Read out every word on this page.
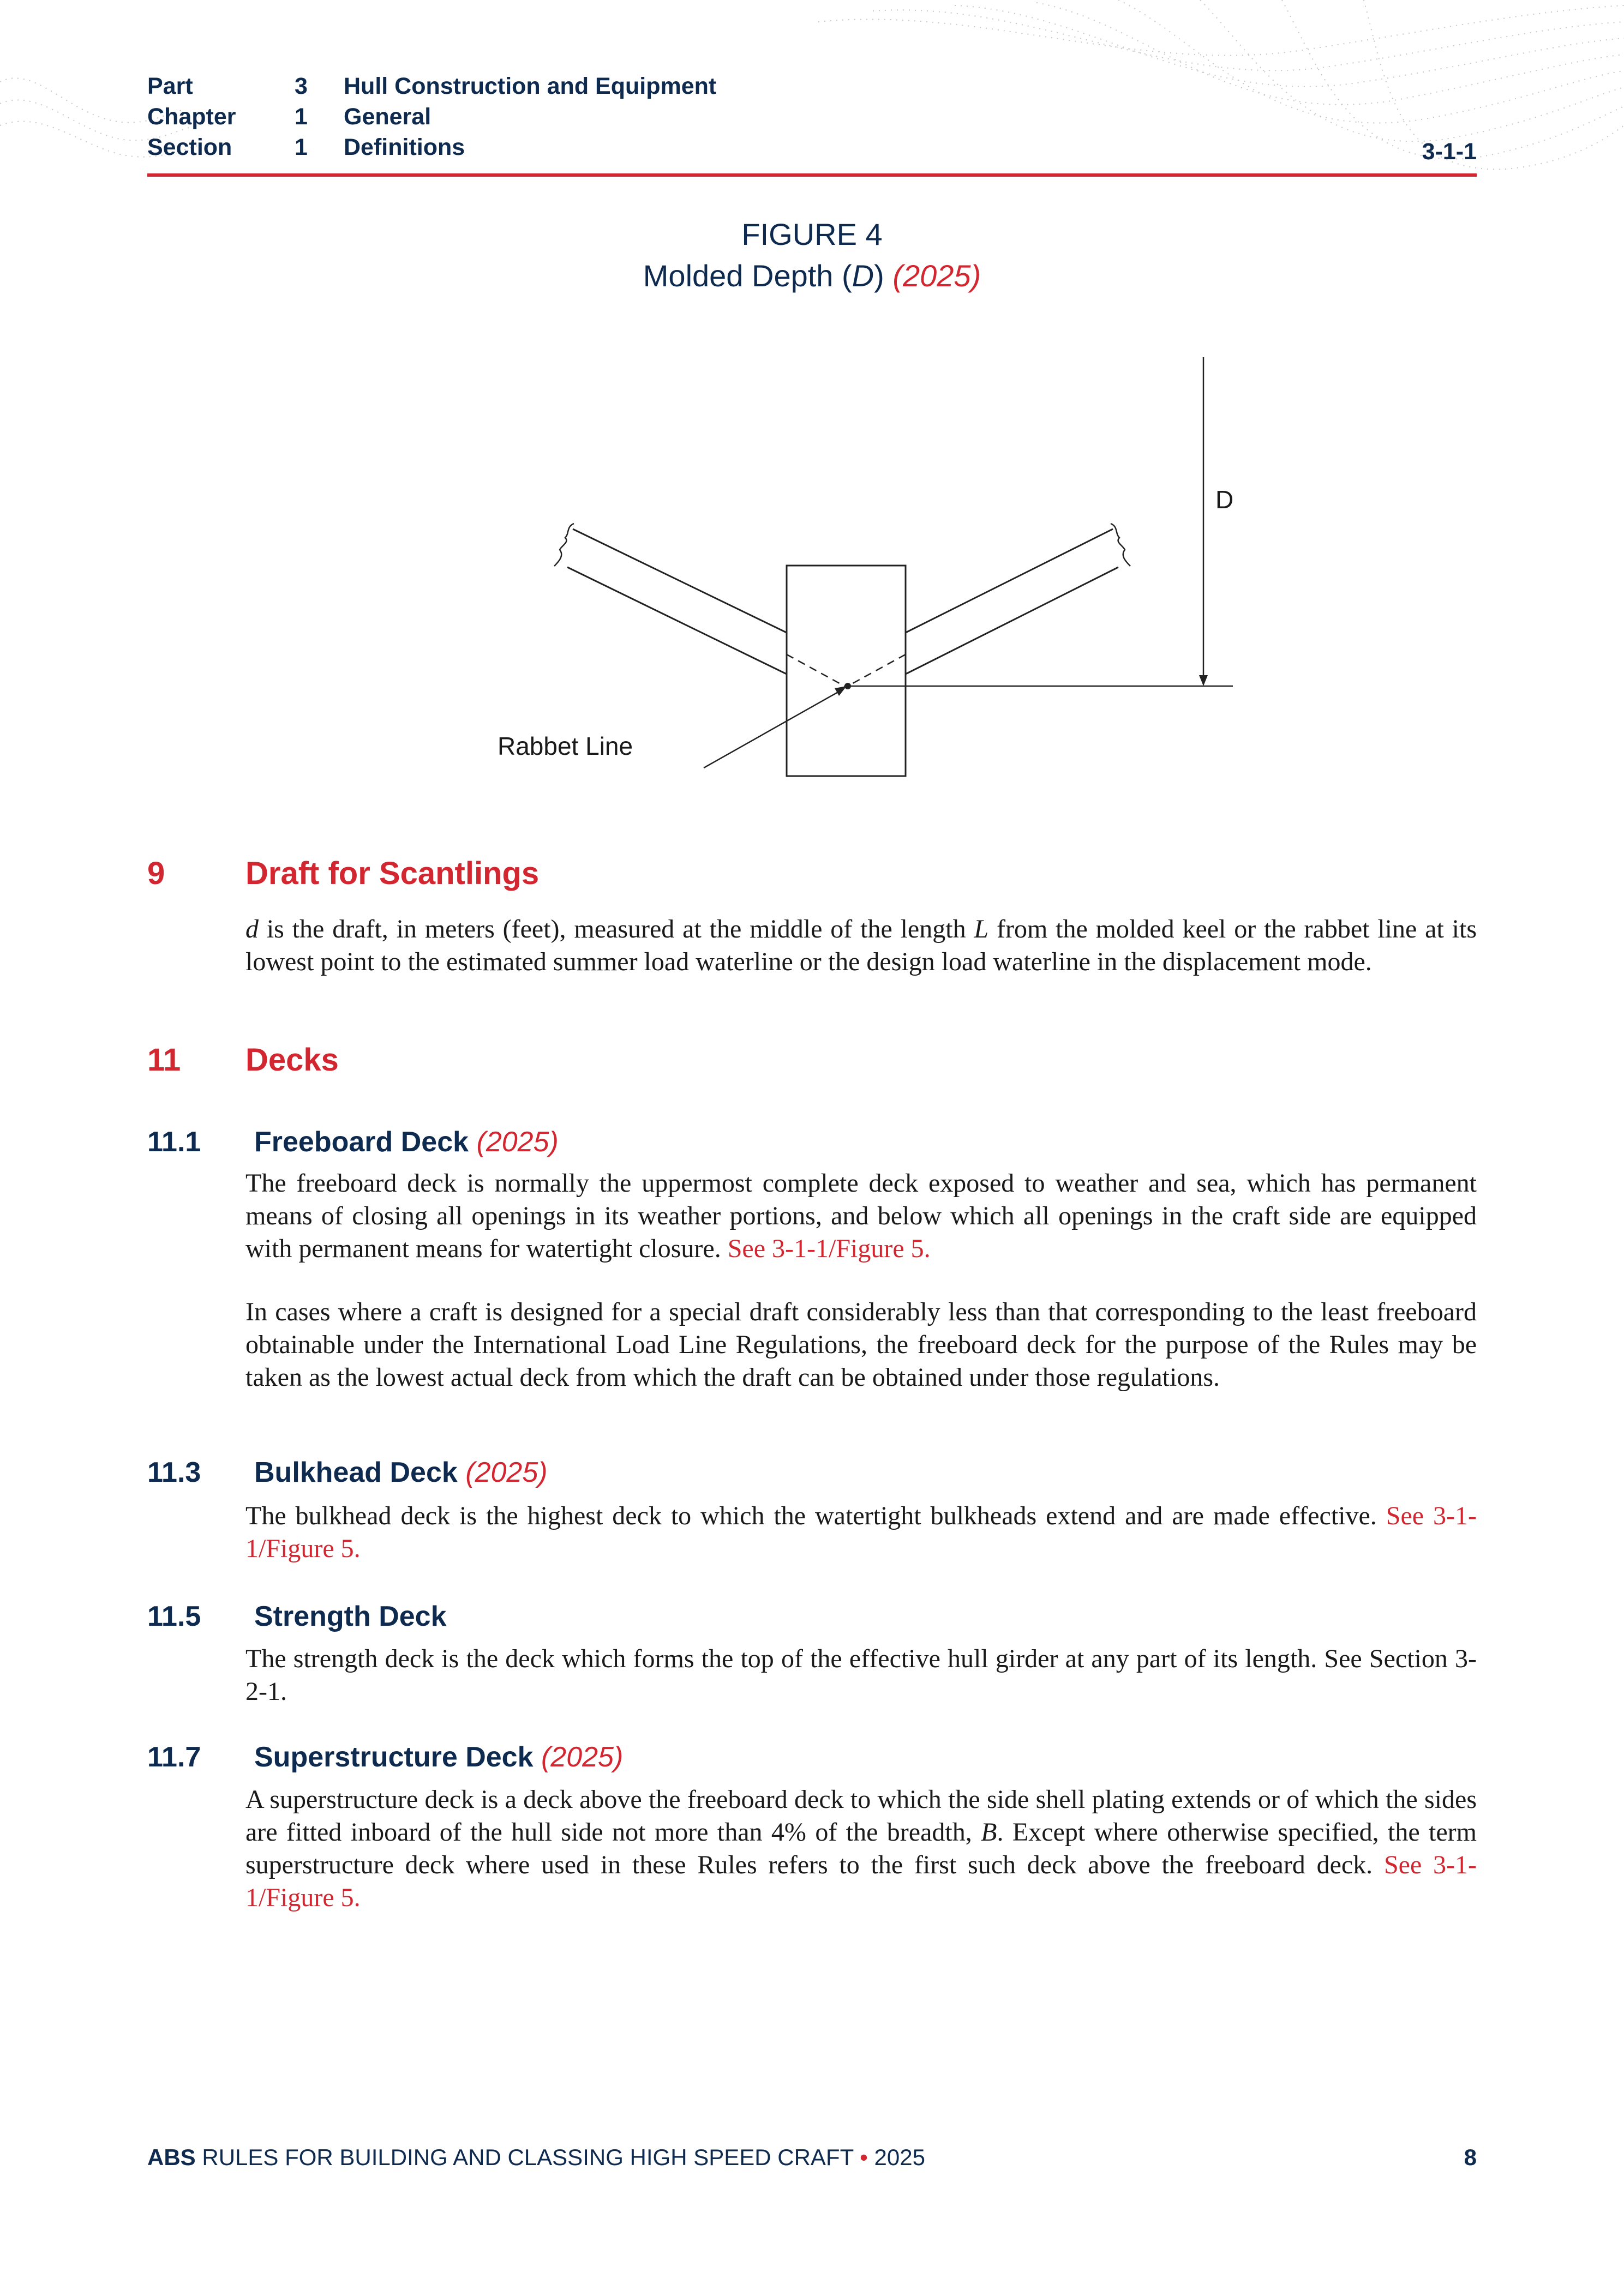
Part	3 Hull Construction and Equipment
Chapter	1 General
Section	1 Definitions	3-1-1
FIGURE 4
Molded Depth (D) (2025)
D
Rabbet Line
9	Draft for Scantlings
d is the draft, in meters (feet), measured at the middle of the length L from the molded keel or the rabbet line at its lowest point to the estimated summer load waterline or the design load waterline in the displacement mode.
11 Decks
11.1 Freeboard Deck (2025)
The freeboard deck is normally the uppermost complete deck exposed to weather and sea, which has permanent means of closing all openings in its weather portions, and below which all openings in the craft side are equipped with permanent means for watertight closure. See 3-1-1/Figure 5.
In cases where a craft is designed for a special draft considerably less than that corresponding to the least freeboard obtainable under the International Load Line Regulations, the freeboard deck for the purpose of the Rules may be taken as the lowest actual deck from which the draft can be obtained under those regulations.
11.3 Bulkhead Deck (2025)
The bulkhead deck is the highest deck to which the watertight bulkheads extend and are made effective. See 3-1-1/Figure 5.
11.5 Strength Deck
The strength deck is the deck which forms the top of the effective hull girder at any part of its length. See Section 3-2-1.
11.7 Superstructure Deck (2025)
A superstructure deck is a deck above the freeboard deck to which the side shell plating extends or of which the sides are fitted inboard of the hull side not more than 4% of the breadth, B. Except where otherwise specified, the term superstructure deck where used in these Rules refers to the first such deck above the freeboard deck. See 3-1-1/Figure 5.
ABS RULES FOR BUILDING AND CLASSING HIGH SPEED CRAFT • 2025	8
